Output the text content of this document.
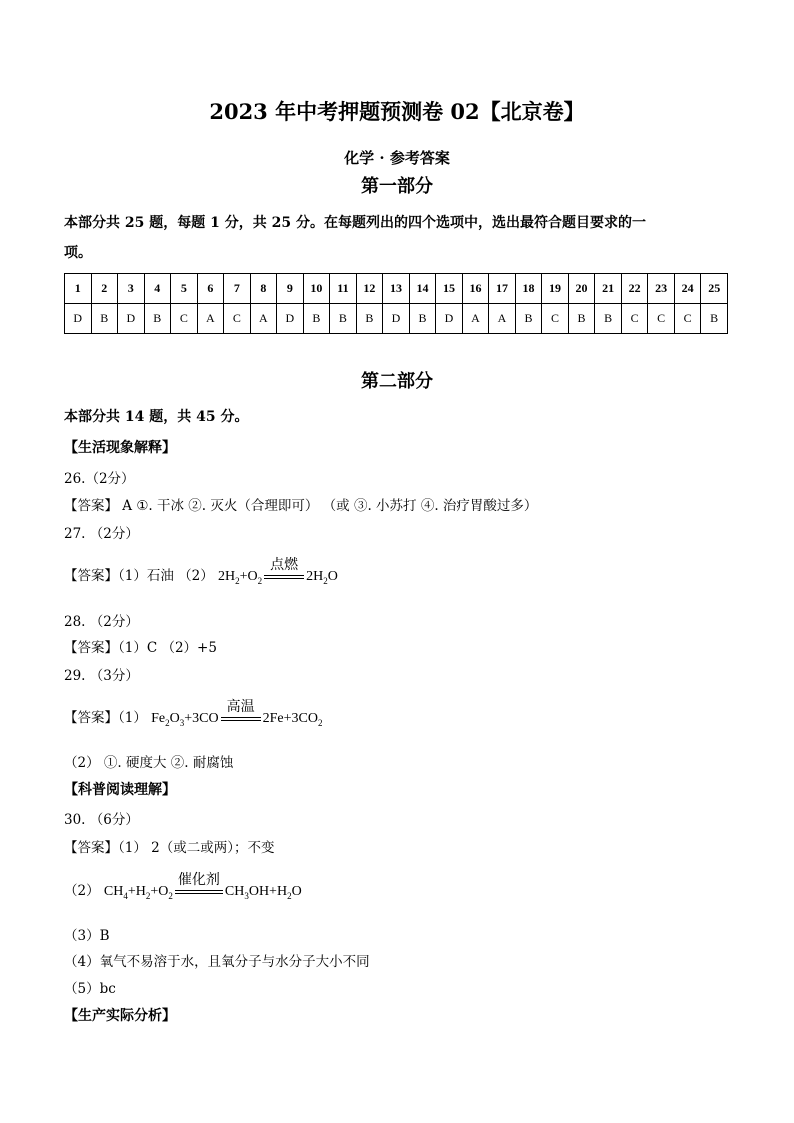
2023 年中考押题预测卷 02【北京卷】
化学 · 参考答案
第一部分
本部分共 25 题，每题 1 分，共 25 分。在每题列出的四个选项中，选出最符合题目要求的一
项。
1	2	3	4	5	6	7	8	9	10	11	12	13	14	15	16	17	18	19	20	21	22	23	24	25
D	B	D	B	C	A	C	A	D	B	B	B	D	B	D	A	A	B	C	B	B	C	C	C	B
第二部分
本部分共 14 题，共 45 分。
【生活现象解释】
26.（2分）
【答案】 A ①. 干冰 ②. 灭火（合理即可） （或 ③. 小苏打 ④. 治疗胃酸过多）
27. （2分）
【答案】（1）石油 （2） $2H_2+O_2$
点燃
$2H_2O$
28. （2分）
【答案】（1）C （2）+5
29. （3分）
【答案】（1） $Fe_2O_3+3CO$
高温
$2Fe+3CO_2$
（2） ①. 硬度大 ②. 耐腐蚀
【科普阅读理解】
30. （6分）
【答案】（1） 2（或二或两）；不变
（2） $CH_4+H_2+O_2$
催化剂
$CH_3OH+H_2O$
（3）B
（4）氧气不易溶于水，且氧分子与水分子大小不同
（5）bc
【生产实际分析】
